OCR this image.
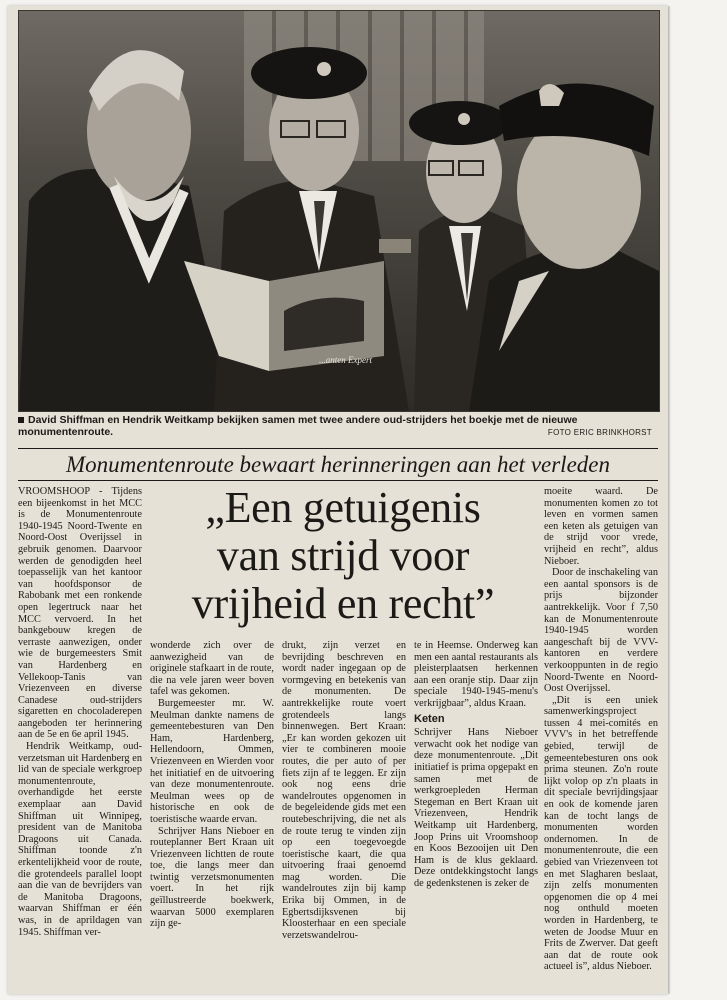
...anten Expert
David Shiffman en Hendrik Weitkamp bekijken samen met twee andere oud-strijders het boekje met de nieuwe monumentenroute.	FOTO ERIC BRINKHORST
Monumentenroute bewaart herinneringen aan het verleden
„Een getuigenis
van strijd voor
vrijheid en recht”

VROOMSHOOP - Tijdens een bijeenkomst in het MCC is de Monumentenroute 1940-1945 Noord-Twente en Noord-Oost Overijssel in gebruik genomen. Daarvoor werden de genodigden heel toepasselijk van het kantoor van hoofdsponsor de Rabobank met een ronkende open legertruck naar het MCC vervoerd. In het bankgebouw kregen de verraste aanwezigen, onder wie de burgemeesters Smit van Hardenberg en Vellekoop-Tanis van Vriezenveen en diverse Canadese oud-strijders sigaretten en chocoladerepen aangeboden ter herinnering aan de 5e en 6e april 1945.

Hendrik Weitkamp, oud-verzetsman uit Hardenberg en lid van de speciale werkgroep monumentenroute, overhandigde het eerste exemplaar aan David Shiffman uit Winnipeg, president van de Manitoba Dragoons uit Canada. Shiffman toonde z'n erkentelijkheid voor de route, die grotendeels parallel loopt aan die van de bevrijders van de Manitoba Dragoons, waarvan Shiffman er één was, in de aprildagen van 1945. Shiffman ver-

wonderde zich over de aanwezigheid van de originele stafkaart in de route, die na vele jaren weer boven tafel was gekomen.

Burgemeester mr. W. Meulman dankte namens de gemeentebesturen van Den Ham, Hardenberg, Hellendoorn, Ommen, Vriezenveen en Wierden voor het initiatief en de uitvoering van deze monumentenroute. Meulman wees op de historische en ook de toeristische waarde ervan.

Schrijver Hans Nieboer en routeplanner Bert Kraan uit Vriezenveen lichtten de route toe, die langs meer dan twintig verzetsmonumenten voert. In het rijk geïllustreerde boekwerk, waarvan 5000 exemplaren zijn ge-

drukt, zijn verzet en bevrijding beschreven en wordt nader ingegaan op de vormgeving en betekenis van de monumenten. De aantrekkelijke route voert grotendeels langs binnenwegen. Bert Kraan: „Er kan worden gekozen uit vier te combineren mooie routes, die per auto of per fiets zijn af te leggen. Er zijn ook nog eens drie wandelroutes opgenomen in de begeleidende gids met een routebeschrijving, die net als de route terug te vinden zijn op een toegevoegde toeristische kaart, die qua uitvoering fraai genoemd mag worden. Die wandelroutes zijn bij kamp Erika bij Ommen, in de Egbertsdijksvenen bij Kloosterhaar en een speciale verzetswandelrou-

te in Heemse. Onderweg kan men een aantal restaurants als pleisterplaatsen herkennen aan een oranje stip. Daar zijn speciale 1940-1945-menu's verkrijgbaar”, aldus Kraan.

Keten

Schrijver Hans Nieboer verwacht ook het nodige van deze monumentenroute. „Dit initiatief is prima opgepakt en samen met de werkgroepleden Herman Stegeman en Bert Kraan uit Vriezenveen, Hendrik Weitkamp uit Hardenberg, Joop Prins uit Vroomshoop en Koos Bezooijen uit Den Ham is de klus geklaard. Deze ontdekkingstocht langs de gedenkstenen is zeker de

moeite waard. De monumenten komen zo tot leven en vormen samen een keten als getuigen van de strijd voor vrede, vrijheid en recht”, aldus Nieboer.

Door de inschakeling van een aantal sponsors is de prijs bijzonder aantrekkelijk. Voor f 7,50 kan de Monumentenroute 1940-1945 worden aangeschaft bij de VVV-kantoren en verdere verkooppunten in de regio Noord-Twente en Noord-Oost Overijssel.

„Dit is een uniek samenwerkingsproject tussen 4 mei-comités en VVV's in het betreffende gebied, terwijl de gemeentebesturen ons ook prima steunen. Zo'n route lijkt volop op z'n plaats in dit speciale bevrijdingsjaar en ook de komende jaren kan de tocht langs de monumenten worden ondernomen. In de monumentenroute, die een gebied van Vriezenveen tot en met Slagharen beslaat, zijn zelfs monumenten opgenomen die op 4 mei nog onthuld moeten worden in Hardenberg, te weten de Joodse Muur en Frits de Zwerver. Dat geeft aan dat de route ook actueel is”, aldus Nieboer.
